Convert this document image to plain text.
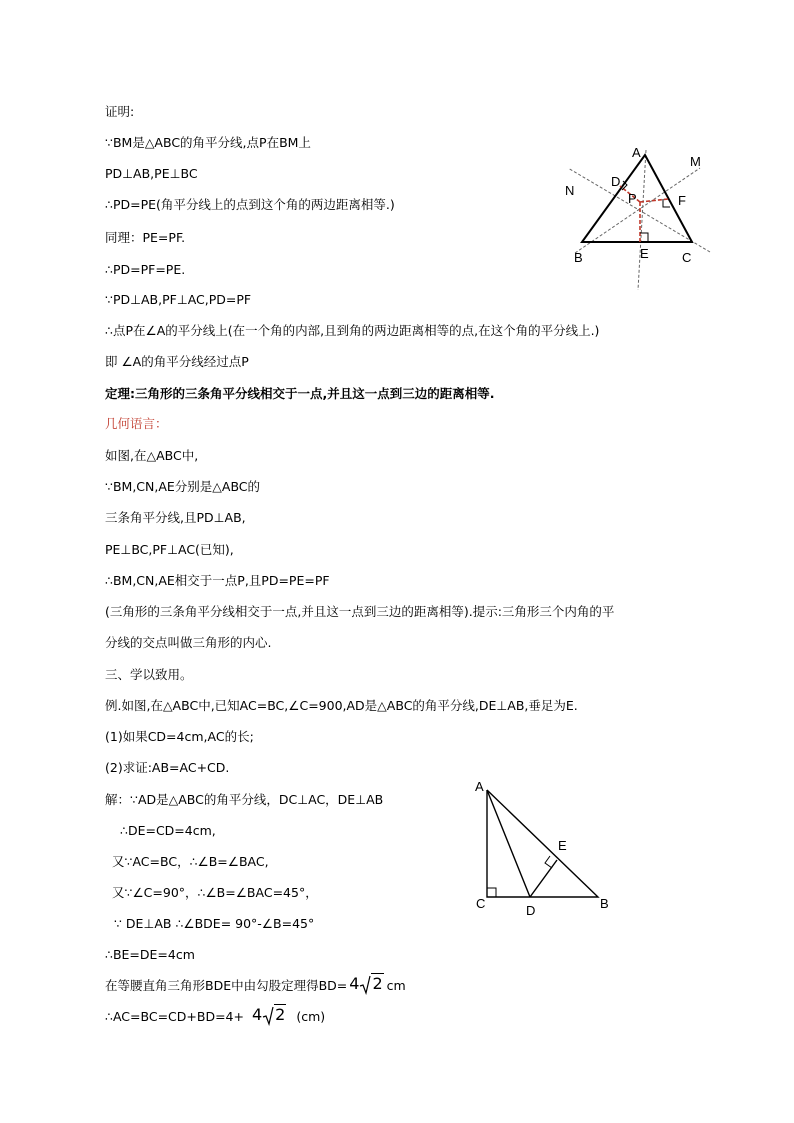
证明:
∵BM是△ABC的角平分线,点P在BM上
PD⊥AB,PE⊥BC
∴PD=PE(角平分线上的点到这个角的两边距离相等.)
同理：PE=PF.
∴PD=PF=PE.
∵PD⊥AB,PF⊥AC,PD=PF
∴点P在∠A的平分线上(在一个角的内部,且到角的两边距离相等的点,在这个角的平分线上.)
即 ∠A的角平分线经过点P
定理:三角形的三条角平分线相交于一点,并且这一点到三边的距离相等.
几何语言：
如图,在△ABC中,
∵BM,CN,AE分别是△ABC的
三条角平分线,且PD⊥AB,
PE⊥BC,PF⊥AC(已知),
∴BM,CN,AE相交于一点P,且PD=PE=PF
(三角形的三条角平分线相交于一点,并且这一点到三边的距离相等).提示:三角形三个内角的平
分线的交点叫做三角形的内心.
三、学以致用。
例.如图,在△ABC中,已知AC=BC,∠C=900,AD是△ABC的角平分线,DE⊥AB,垂足为E.
(1)如果CD=4cm,AC的长;
(2)求证:AB=AC+CD.
解：∵AD是△ABC的角平分线，DC⊥AC，DE⊥AB
∴DE=CD=4cm,
又∵AC=BC，∴∠B=∠BAC,
又∵∠C=90°，∴∠B=∠BAC=45°，
∵ DE⊥AB ∴∠BDE= 90°-∠B=45°
∴BE=DE=4cm
在等腰直角三角形BDE中由勾股定理得BD= 4 2 cm
∴AC=BC=CD+BD=4+ 4 2 (cm)
A
B	C
D
E
F
M
N
P
A
C	D	B
E
